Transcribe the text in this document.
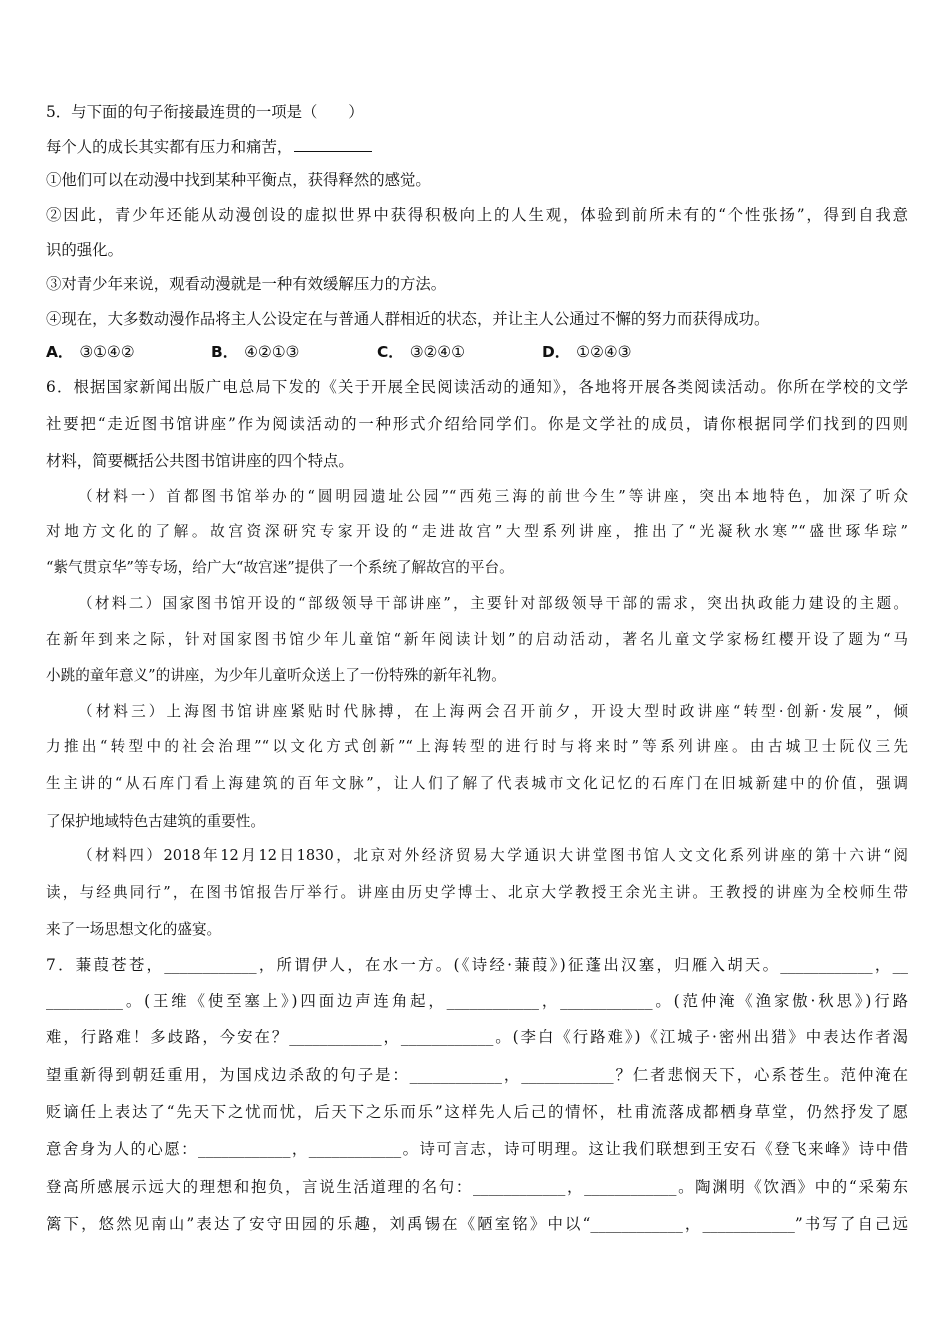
5．与下面的句子衔接最连贯的一项是（　　）

每个人的成长其实都有压力和痛苦，

①他们可以在动漫中找到某种平衡点，获得释然的感觉。

②因此，青少年还能从动漫创设的虚拟世界中获得积极向上的人生观，体验到前所未有的“个性张扬”，得到自我意

识的强化。

③对青少年来说，观看动漫就是一种有效缓解压力的方法。

④现在，大多数动漫作品将主人公设定在与普通人群相近的状态，并让主人公通过不懈的努力而获得成功。

A． ③①④②	B． ④②①③	C． ③②④①	D． ①②④③

6．根据国家新闻出版广电总局下发的《关于开展全民阅读活动的通知》，各地将开展各类阅读活动。你所在学校的文学

社要把“走近图书馆讲座”作为阅读活动的一种形式介绍给同学们。你是文学社的成员，请你根据同学们找到的四则

材料，简要概括公共图书馆讲座的四个特点。

（材料一）首都图书馆举办的“圆明园遗址公园”“西苑三海的前世今生”等讲座，突出本地特色，加深了听众

对地方文化的了解。故宫资深研究专家开设的“走进故宫”大型系列讲座，推出了“光凝秋水寒”“盛世琢华琮”

“紫气贯京华”等专场，给广大“故宫迷”提供了一个系统了解故宫的平台。

（材料二）国家图书馆开设的“部级领导干部讲座”，主要针对部级领导干部的需求，突出执政能力建设的主题。

在新年到来之际，针对国家图书馆少年儿童馆“新年阅读计划”的启动活动，著名儿童文学家杨红樱开设了题为“马

小跳的童年意义”的讲座，为少年儿童听众送上了一份特殊的新年礼物。

（材料三）上海图书馆讲座紧贴时代脉搏，在上海两会召开前夕，开设大型时政讲座“转型·创新·发展”，倾

力推出“转型中的社会治理”“以文化方式创新”“上海转型的进行时与将来时”等系列讲座。由古城卫士阮仪三先

生主讲的“从石库门看上海建筑的百年文脉”，让人们了解了代表城市文化记忆的石库门在旧城新建中的价值，强调

了保护地域特色古建筑的重要性。

（材料四）2018年12月12日1830，北京对外经济贸易大学通识大讲堂图书馆人文文化系列讲座的第十六讲“阅

读，与经典同行”，在图书馆报告厅举行。讲座由历史学博士、北京大学教授王余光主讲。王教授的讲座为全校师生带

来了一场思想文化的盛宴。

7．蒹葭苍苍，____________，所谓伊人，在水一方。(《诗经·蒹葭》)征蓬出汉塞，归雁入胡天。____________，__

__________。(王维《使至塞上》)四面边声连角起，____________，____________。(范仲淹《渔家傲·秋思》)行路

难，行路难！多歧路，今安在？____________，____________。(李白《行路难》)《江城子·密州出猎》中表达作者渴

望重新得到朝廷重用，为国戍边杀敌的句子是：____________，____________？仁者悲悯天下，心系苍生。范仲淹在

贬谪任上表达了“先天下之忧而忧，后天下之乐而乐”这样先人后己的情怀，杜甫流落成都栖身草堂，仍然抒发了愿

意舍身为人的心愿：____________，____________。诗可言志，诗可明理。这让我们联想到王安石《登飞来峰》诗中借

登高所感展示远大的理想和抱负，言说生活道理的名句：____________，____________。陶渊明《饮酒》中的“采菊东

篱下，悠然见南山”表达了安守田园的乐趣，刘禹锡在《陋室铭》中以“____________，____________”书写了自己远
